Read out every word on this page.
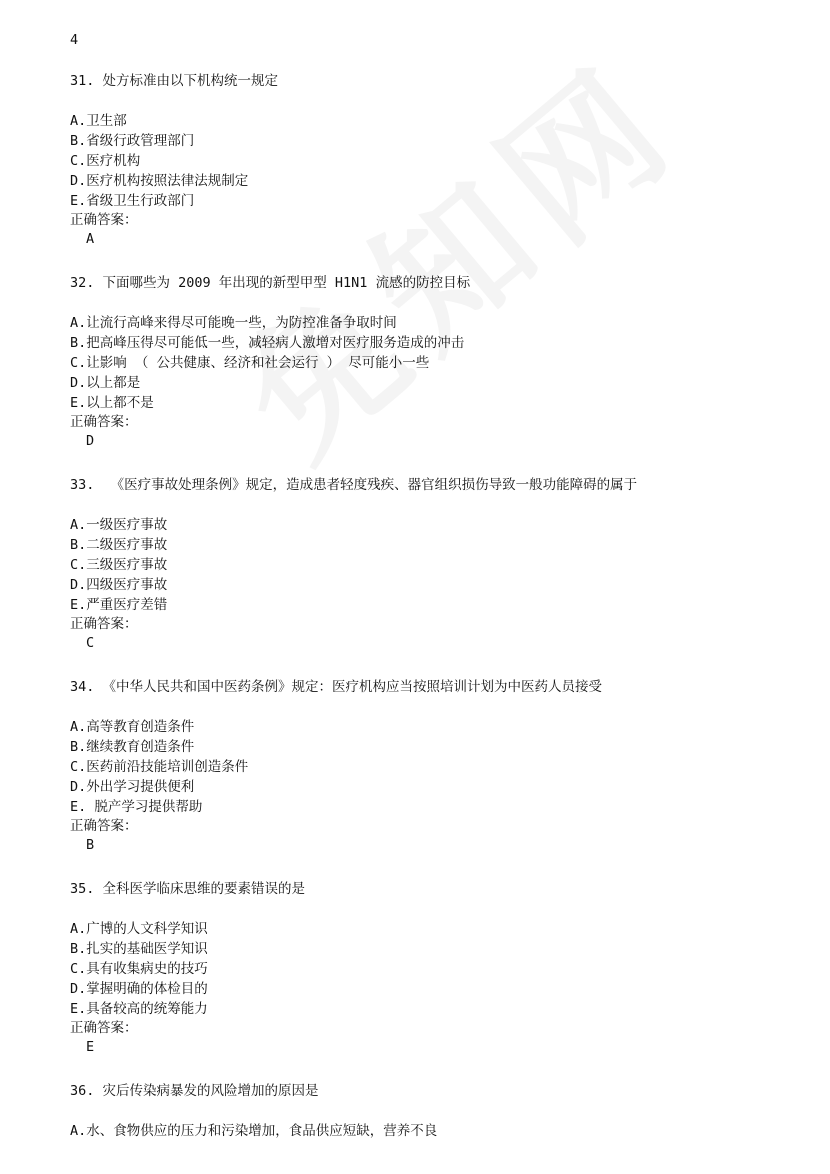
4
31. 处方标准由以下机构统一规定
A.卫生部
B.省级行政管理部门
C.医疗机构
D.医疗机构按照法律法规制定
E.省级卫生行政部门
正确答案：
A
32. 下面哪些为 2009 年出现的新型甲型 H1N1 流感的防控目标
A.让流行高峰来得尽可能晚一些，为防控准备争取时间
B.把高峰压得尽可能低一些，减轻病人激增对医疗服务造成的冲击
C.让影响 （ 公共健康、经济和社会运行 ） 尽可能小一些
D.以上都是
E.以上都不是
正确答案：
D
33.  《医疗事故处理条例》规定，造成患者轻度残疾、器官组织损伤导致一般功能障碍的属于
A.一级医疗事故
B.二级医疗事故
C.三级医疗事故
D.四级医疗事故
E.严重医疗差错
正确答案：
C
34. 《中华人民共和国中医药条例》规定：医疗机构应当按照培训计划为中医药人员接受
A.高等教育创造条件
B.继续教育创造条件
C.医药前沿技能培训创造条件
D.外出学习提供便利
E. 脱产学习提供帮助
正确答案：
B
35. 全科医学临床思维的要素错误的是
A.广博的人文科学知识
B.扎实的基础医学知识
C.具有收集病史的技巧
D.掌握明确的体检目的
E.具备较高的统筹能力
正确答案：
E
36. 灾后传染病暴发的风险增加的原因是
A.水、食物供应的压力和污染增加，食品供应短缺，营养不良
